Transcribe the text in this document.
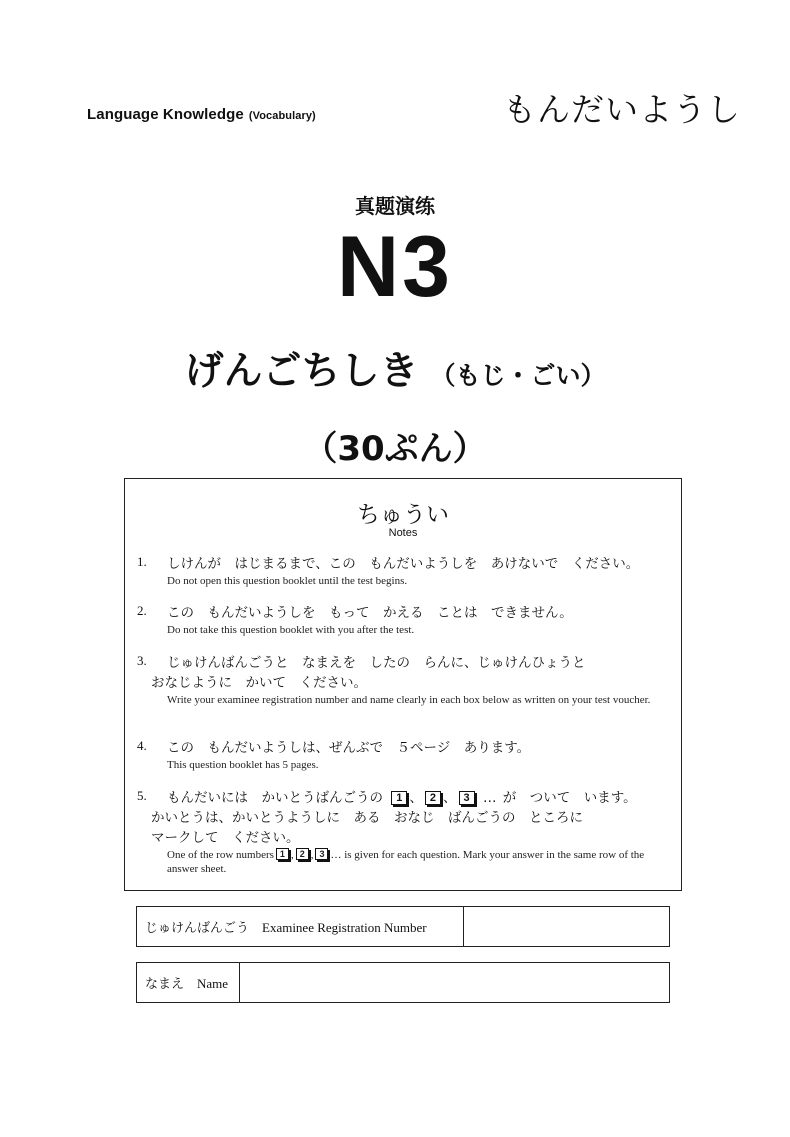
Language Knowledge (Vocabulary)	もんだいようし
真题演练
N3
げんごちしき （もじ・ごい）
（30ぷん）
ちゅうい
Notes
1. しけんが　はじまるまで、この　もんだいようしを　あけないで　ください。
Do not open this question booklet until the test begins.
2. この　もんだいようしを　もって　かえる　ことは　できません。
Do not take this question booklet with you after the test.
3. じゅけんばんごうと　なまえを　したの　らんに、じゅけんひょうと
おなじように　かいて　ください。
Write your examinee registration number and name clearly in each box below as written on your test voucher.
4. この　もんだいようしは、ぜんぶで　５ページ　あります。
This question booklet has 5 pages.
5. もんだいには　かいとうばんごうの 1 、 2 、 3 … が　ついて　います。
かいとうは、かいとうようしに　ある　おなじ　ばんごうの　ところに
マークして　ください。
One of the row numbers 1 , 2 , 3 … is given for each question. Mark your answer in the same row of the answer sheet.
じゅけんばんごう　Examinee Registration Number
なまえ　Name
